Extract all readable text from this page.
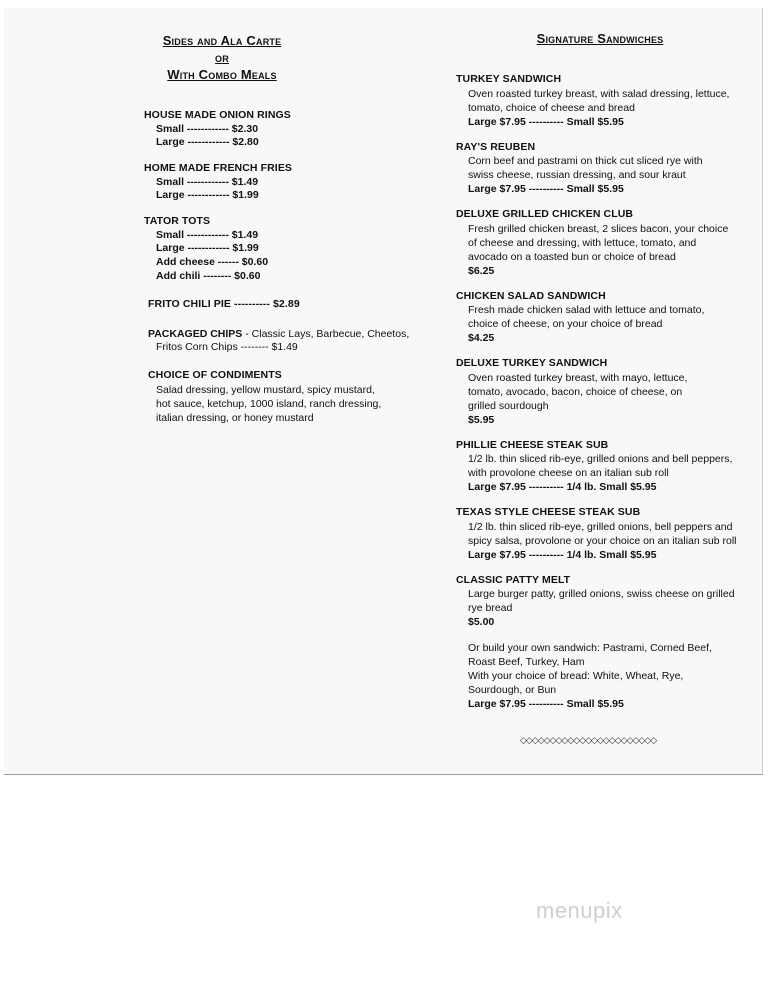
Sides and Ala Carte
or
With Combo Meals
HOUSE MADE ONION RINGS
Small ------------ $2.30
Large ------------ $2.80
HOME MADE FRENCH FRIES
Small ------------ $1.49
Large ------------ $1.99
TATOR TOTS
Small ------------ $1.49
Large ------------ $1.99
Add cheese ------ $0.60
Add chili -------- $0.60
FRITO CHILI PIE ---------- $2.89
PACKAGED CHIPS - Classic Lays, Barbecue, Cheetos,
Fritos Corn Chips -------- $1.49
CHOICE OF CONDIMENTS
Salad dressing, yellow mustard, spicy mustard,
hot sauce, ketchup, 1000 island, ranch dressing,
italian dressing, or honey mustard
Signature Sandwiches
TURKEY SANDWICH
Oven roasted turkey breast, with salad dressing, lettuce,
tomato, choice of cheese and bread
Large $7.95 ---------- Small $5.95
RAY'S REUBEN
Corn beef and pastrami on thick cut sliced rye with
swiss cheese, russian dressing, and sour kraut
Large $7.95 ---------- Small $5.95
DELUXE GRILLED CHICKEN CLUB
Fresh grilled chicken breast, 2 slices bacon, your choice
of cheese and dressing, with lettuce, tomato, and
avocado on a toasted bun or choice of bread
$6.25
CHICKEN SALAD SANDWICH
Fresh made chicken salad with lettuce and tomato,
choice of cheese, on your choice of bread
$4.25
DELUXE TURKEY SANDWICH
Oven roasted turkey breast, with mayo, lettuce,
tomato, avocado, bacon, choice of cheese, on
grilled sourdough
$5.95
PHILLIE CHEESE STEAK SUB
1/2 lb. thin sliced rib-eye, grilled onions and bell peppers,
with provolone cheese on an italian sub roll
Large $7.95 ---------- 1/4 lb. Small $5.95
TEXAS STYLE CHEESE STEAK SUB
1/2 lb. thin sliced rib-eye, grilled onions, bell peppers and
spicy salsa, provolone or your choice on an italian sub roll
Large $7.95 ---------- 1/4 lb. Small $5.95
CLASSIC PATTY MELT
Large burger patty, grilled onions, swiss cheese on grilled
rye bread
$5.00
Or build your own sandwich: Pastrami, Corned Beef,
Roast Beef, Turkey, Ham
With your choice of bread: White, Wheat, Rye,
Sourdough, or Bun
Large $7.95 ---------- Small $5.95
◇◇◇◇◇◇◇◇◇◇◇◇◇◇◇◇◇◇◇◇◇◇◇
menupix
